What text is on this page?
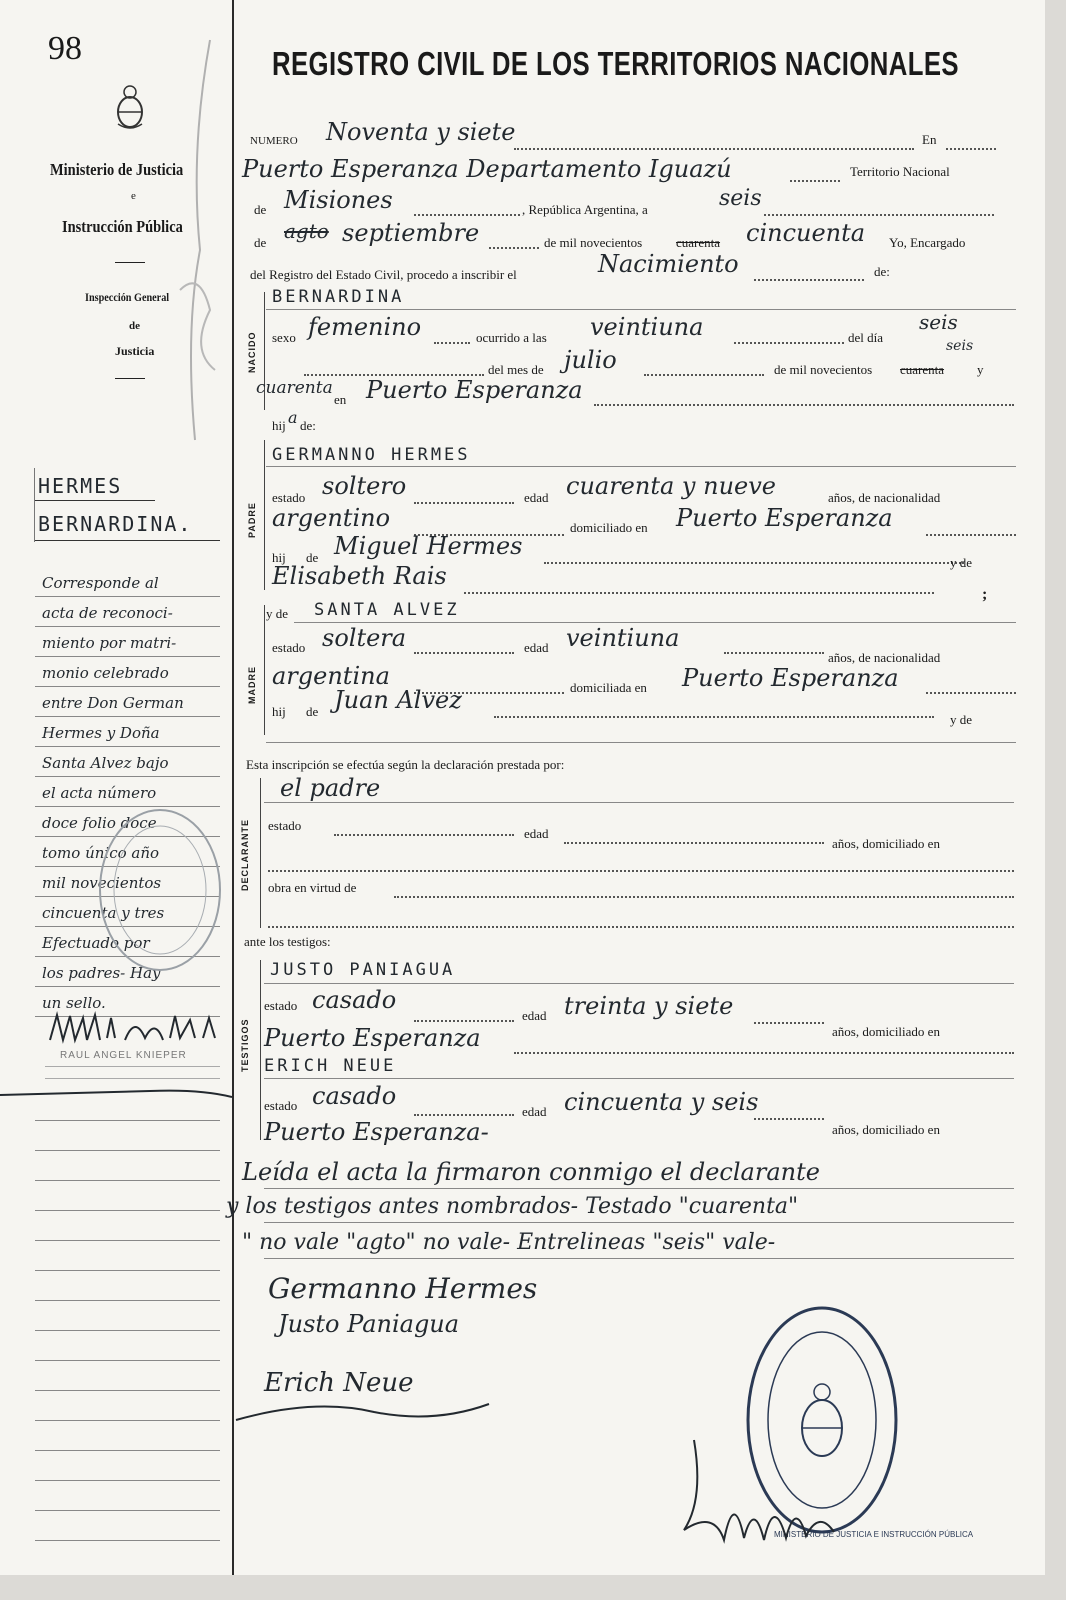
98
Ministerio de Justicia
e
Instrucción Pública
Inspección General
de
Justicia
HERMES
BERNARDINA.
Corresponde al
acta de reconoci-
miento por matri-
monio celebrado
entre Don German
Hermes y Doña
Santa Alvez bajo
el acta número
doce folio doce
tomo único año
mil novecientos
cincuenta y tres
Efectuado por
los padres- Hay
un sello.
RAUL ANGEL KNIEPER
REGISTRO CIVIL DE LOS TERRITORIOS NACIONALES
NUMERO Noventa y siete	En
Puerto Esperanza Departamento Iguazú	Territorio Nacional
de Misiones	, República Argentina, a	seis
de agto septiembre	de mil novecientos	cuarenta cincuenta Yo, Encargado
del Registro del Estado Civil, procedo a inscribir el	Nacimiento	de:
NACIDO
BERNARDINA
sexo femenino	ocurrido a las veintiuna	del día
seis
seis
del mes de julio	de mil novecientos cuarenta	y
cuarenta
en Puerto Esperanza
hij a de:
PADRE
GERMANNO HERMES
estado soltero	edad cuarenta y nueve	años, de nacionalidad
argentino	domiciliado en Puerto Esperanza
hij de Miguel Hermes
Elisabeth Rais	y de
;
MADRE
y de SANTA ALVEZ
estado soltera	edad veintiuna
años, de nacionalidad
argentina	domiciliada en Puerto Esperanza
hij de Juan Alvez
y de
Esta inscripción se efectúa según la declaración prestada por:
DECLARANTE
el padre
estado
edad
años, domiciliado en
obra en virtud de
ante los testigos:
TESTIGOS
JUSTO PANIAGUA
estado casado
edad treinta y siete
años, domiciliado en
Puerto Esperanza
ERICH NEUE
estado casado
edad cincuenta y seis
años, domiciliado en
Puerto Esperanza-
Leída el acta la firmaron conmigo el declarante
y los testigos antes nombrados- Testado "cuarenta"
" no vale "agto" no vale- Entrelineas "seis" vale-
Germanno Hermes
Justo Paniagua
Erich Neue
MINISTERIO DE JUSTICIA E INSTRUCCIÓN PÚBLICA
